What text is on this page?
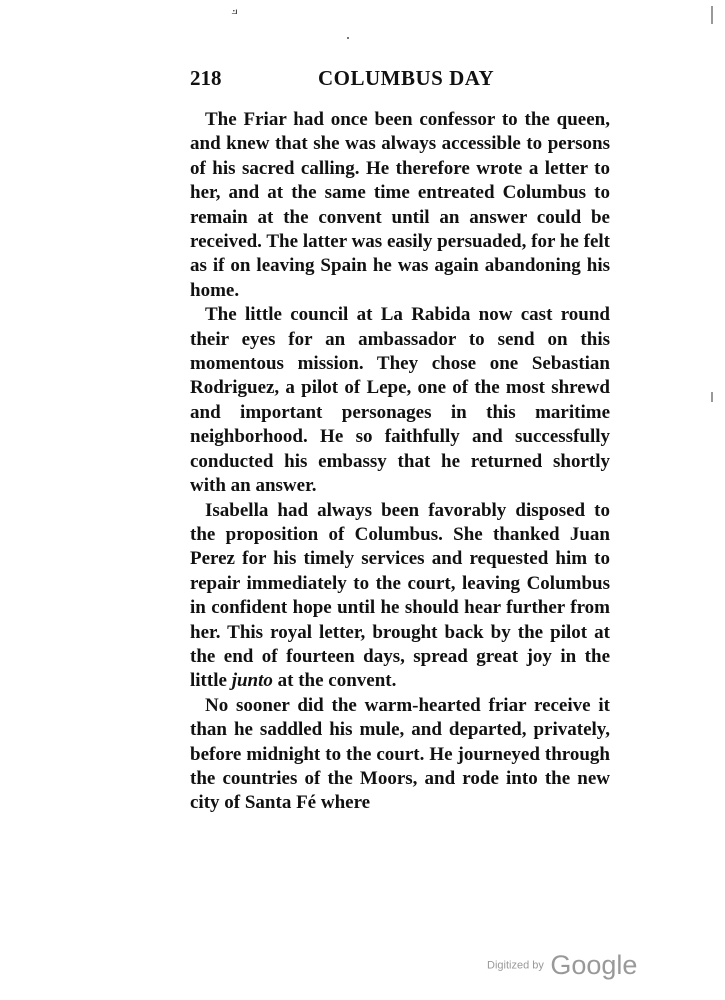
⟓
218	COLUMBUS DAY

The Friar had once been confessor to the queen, and knew that she was always accessible to persons of his sacred calling. He therefore wrote a letter to her, and at the same time entreated Columbus to remain at the convent until an answer could be received. The latter was easily persuaded, for he felt as if on leaving Spain he was again abandoning his home.

The little council at La Rabida now cast round their eyes for an ambassador to send on this momentous mission. They chose one Sebastian Rodriguez, a pilot of Lepe, one of the most shrewd and important personages in this maritime neighborhood. He so faithfully and successfully conducted his embassy that he returned shortly with an answer.

Isabella had always been favorably disposed to the proposition of Columbus. She thanked Juan Perez for his timely services and requested him to repair immediately to the court, leaving Columbus in confident hope until he should hear further from her. This royal letter, brought back by the pilot at the end of fourteen days, spread great joy in the little junto at the convent.

No sooner did the warm-hearted friar receive it than he saddled his mule, and departed, privately, before midnight to the court. He journeyed through the countries of the Moors, and rode into the new city of Santa Fé where

Digitized by Google
